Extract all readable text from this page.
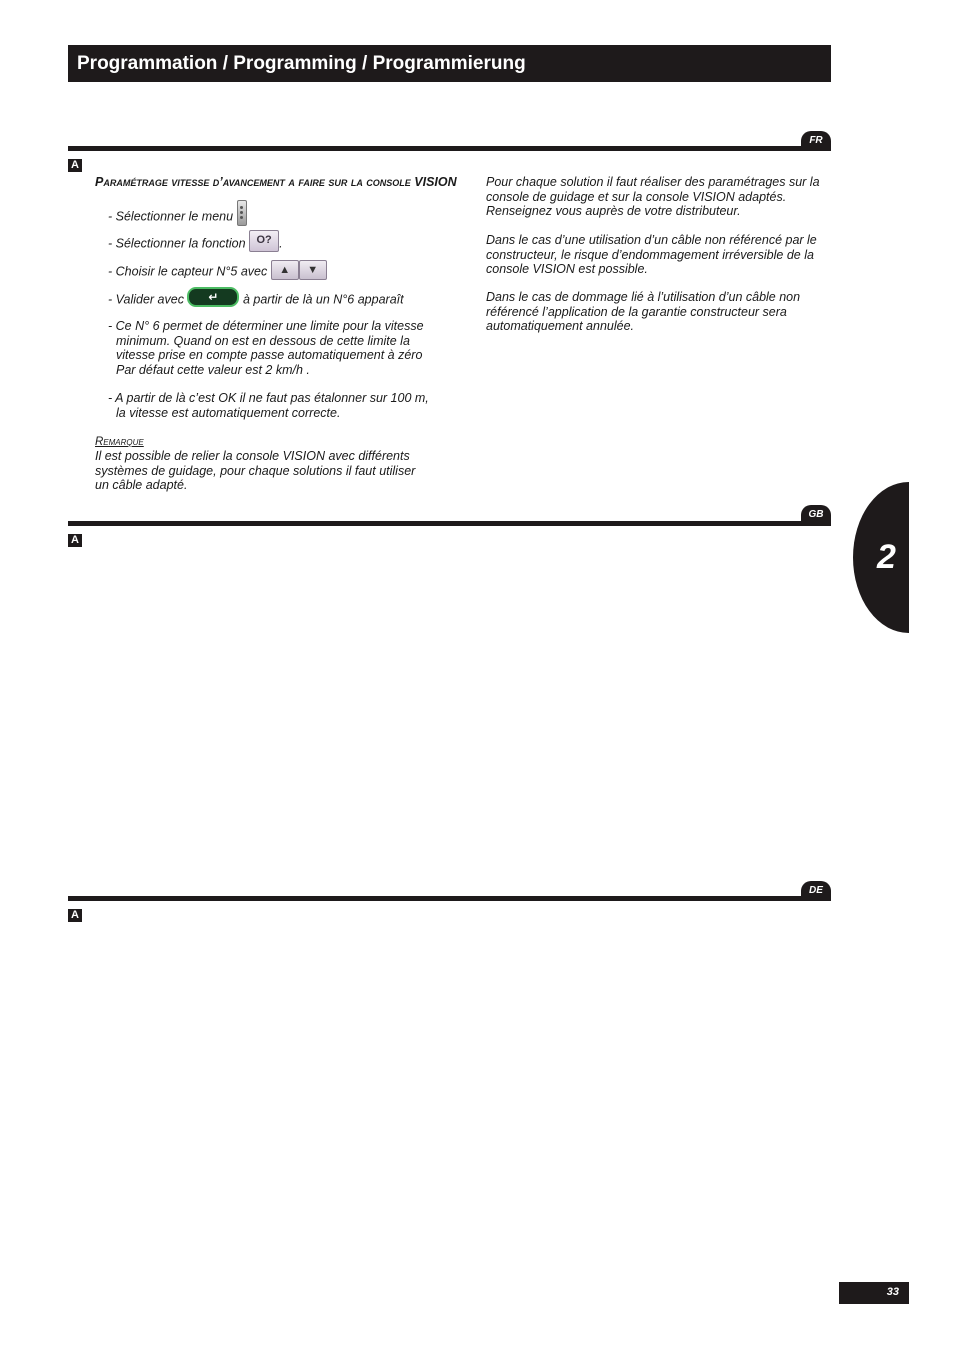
Programmation / Programming / Programmierung
FR
A
Paramétrage vitesse d’avancement a faire sur la console VISION
- Sélectionner le menu
- Sélectionner la fonction O? .
- Choisir le capteur N°5 avec ▲ ▼
- Valider avec ↵ à partir de là un N°6 apparaît
- Ce N° 6 permet de déterminer une limite pour la vitesse
minimum. Quand on est en dessous de cette limite la
vitesse prise en compte passe automatiquement à zéro
Par défaut cette valeur est 2 km/h .
- A partir de là c’est OK il ne faut pas étalonner sur 100 m,
la vitesse est automatiquement correcte.
Remarque
Il est possible de relier la console VISION avec différents
systèmes de guidage, pour chaque solutions il faut utiliser
un câble adapté.
Pour chaque solution il faut réaliser des paramétrages sur la
console de guidage et sur la console VISION adaptés.
Renseignez vous auprès de votre distributeur.
Dans le cas d’une utilisation d’un câble non référencé par le
constructeur, le risque d’endommagement irréversible de la
console VISION est possible.
Dans le cas de dommage lié à l’utilisation d’un câble non
référencé l’application de la garantie constructeur sera
automatiquement annulée.
GB
A
DE
A
2
33
